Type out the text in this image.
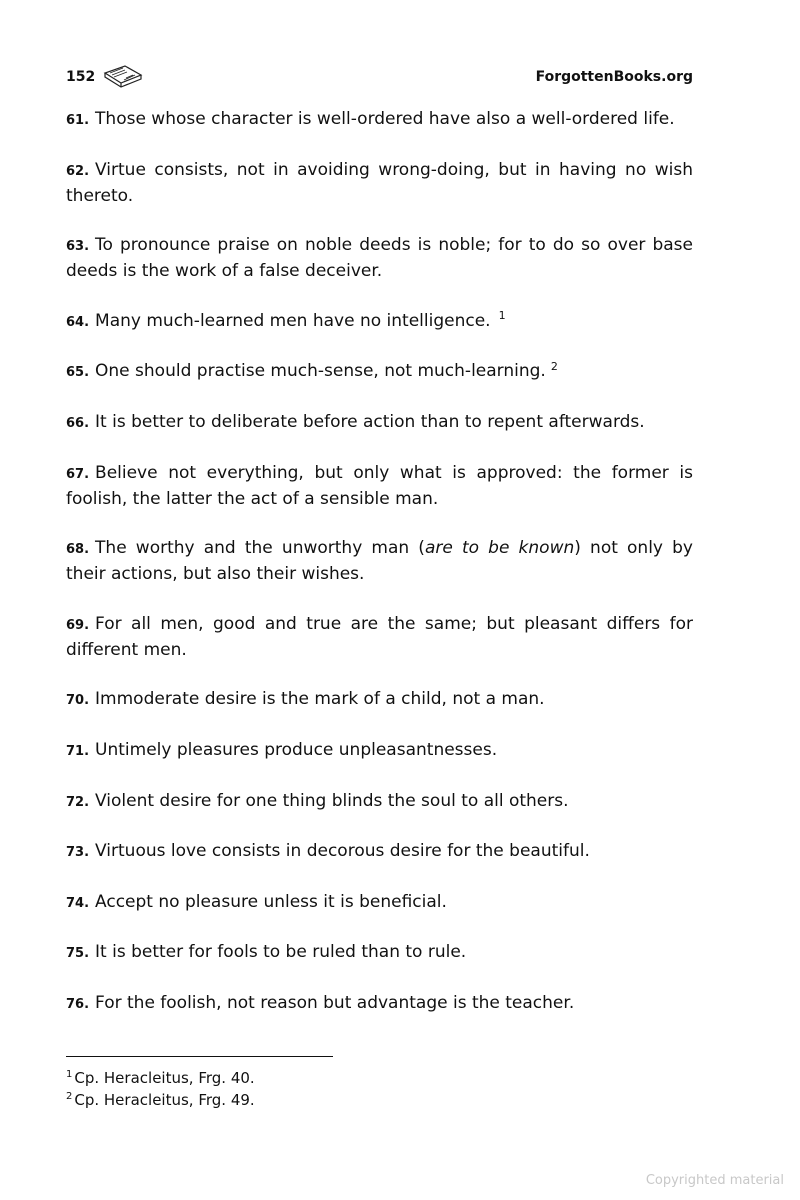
152	ForgottenBooks.org

61. Those whose character is well-ordered have also a well-ordered life.

62. Virtue consists, not in avoiding wrong-doing, but in having no wish thereto.

63. To pronounce praise on noble deeds is noble; for to do so over base deeds is the work of a false deceiver.

64. Many much-learned men have no intelligence. $^1$

65. One should practise much-sense, not much-learning. $^2$

66. It is better to deliberate before action than to repent afterwards.

67. Believe not everything, but only what is approved: the former is foolish, the latter the act of a sensible man.

68. The worthy and the unworthy man (are to be known) not only by their actions, but also their wishes.

69. For all men, good and true are the same; but pleasant differs for different men.

70. Immoderate desire is the mark of a child, not a man.

71. Untimely pleasures produce unpleasantnesses.

72. Violent desire for one thing blinds the soul to all others.

73. Virtuous love consists in decorous desire for the beautiful.

74. Accept no pleasure unless it is beneficial.

75. It is better for fools to be ruled than to rule.

76. For the foolish, not reason but advantage is the teacher.

$^1$ Cp. Heracleitus, Frg. 40.
$^2$ Cp. Heracleitus, Frg. 49.
Copyrighted material
